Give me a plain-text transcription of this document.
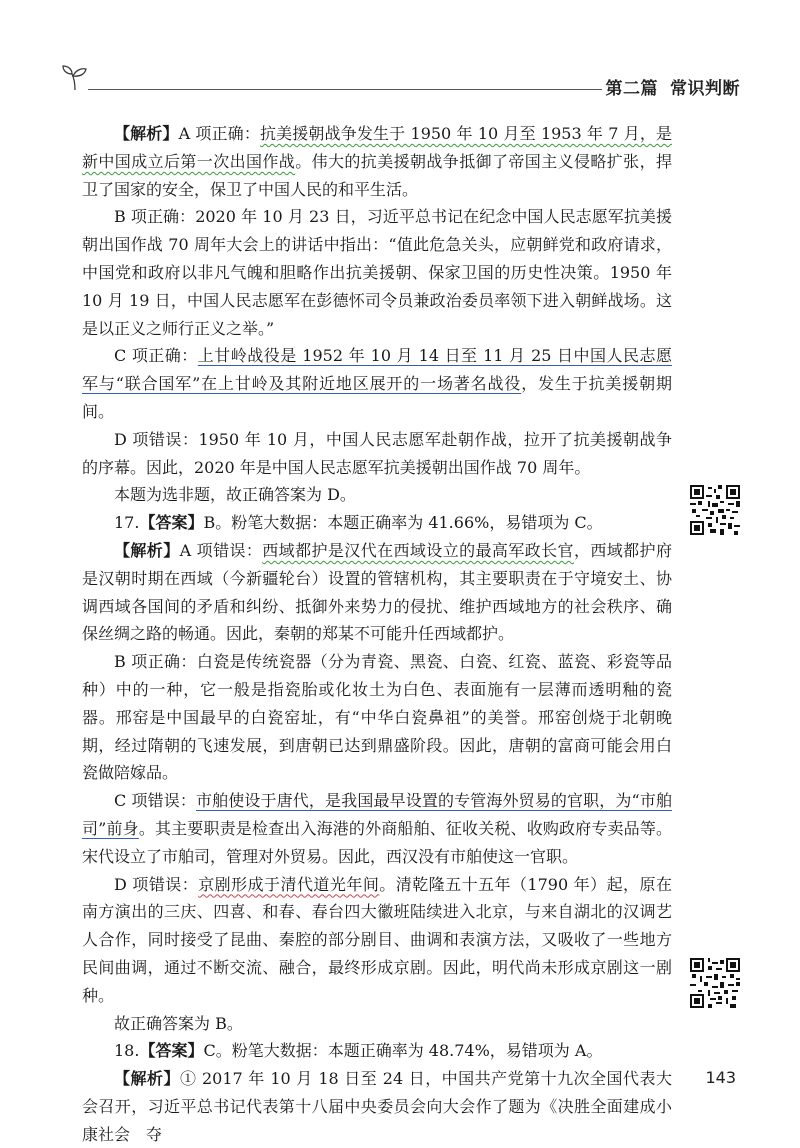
第二篇 常识判断

【解析】A 项正确：抗美援朝战争发生于 1950 年 10 月至 1953 年 7 月，是新中国成立后第一次出国作战。伟大的抗美援朝战争抵御了帝国主义侵略扩张，捍卫了国家的安全，保卫了中国人民的和平生活。

B 项正确：2020 年 10 月 23 日，习近平总书记在纪念中国人民志愿军抗美援朝出国作战 70 周年大会上的讲话中指出：“值此危急关头，应朝鲜党和政府请求，中国党和政府以非凡气魄和胆略作出抗美援朝、保家卫国的历史性决策。1950 年 10 月 19 日，中国人民志愿军在彭德怀司令员兼政治委员率领下进入朝鲜战场。这是以正义之师行正义之举。”

C 项正确：上甘岭战役是 1952 年 10 月 14 日至 11 月 25 日中国人民志愿军与“联合国军”在上甘岭及其附近地区展开的一场著名战役，发生于抗美援朝期间。

D 项错误：1950 年 10 月，中国人民志愿军赴朝作战，拉开了抗美援朝战争的序幕。因此，2020 年是中国人民志愿军抗美援朝出国作战 70 周年。

本题为选非题，故正确答案为 D。

17.【答案】B。粉笔大数据：本题正确率为 41.66%，易错项为 C。

【解析】A 项错误：西域都护是汉代在西域设立的最高军政长官，西域都护府是汉朝时期在西域（今新疆轮台）设置的管辖机构，其主要职责在于守境安土、协调西域各国间的矛盾和纠纷、抵御外来势力的侵扰、维护西域地方的社会秩序、确保丝绸之路的畅通。因此，秦朝的郑某不可能升任西域都护。

B 项正确：白瓷是传统瓷器（分为青瓷、黑瓷、白瓷、红瓷、蓝瓷、彩瓷等品种）中的一种，它一般是指瓷胎或化妆土为白色、表面施有一层薄而透明釉的瓷器。邢窑是中国最早的白瓷窑址，有“中华白瓷鼻祖”的美誉。邢窑创烧于北朝晚期，经过隋朝的飞速发展，到唐朝已达到鼎盛阶段。因此，唐朝的富商可能会用白瓷做陪嫁品。

C 项错误：市舶使设于唐代，是我国最早设置的专管海外贸易的官职，为“市舶司”前身。其主要职责是检查出入海港的外商船舶、征收关税、收购政府专卖品等。宋代设立了市舶司，管理对外贸易。因此，西汉没有市舶使这一官职。

D 项错误：京剧形成于清代道光年间。清乾隆五十五年（1790 年）起，原在南方演出的三庆、四喜、和春、春台四大徽班陆续进入北京，与来自湖北的汉调艺人合作，同时接受了昆曲、秦腔的部分剧目、曲调和表演方法，又吸收了一些地方民间曲调，通过不断交流、融合，最终形成京剧。因此，明代尚未形成京剧这一剧种。

故正确答案为 B。

18.【答案】C。粉笔大数据：本题正确率为 48.74%，易错项为 A。

【解析】① 2017 年 10 月 18 日至 24 日，中国共产党第十九次全国代表大会召开，习近平总书记代表第十八届中央委员会向大会作了题为《决胜全面建成小康社会　夺

143
